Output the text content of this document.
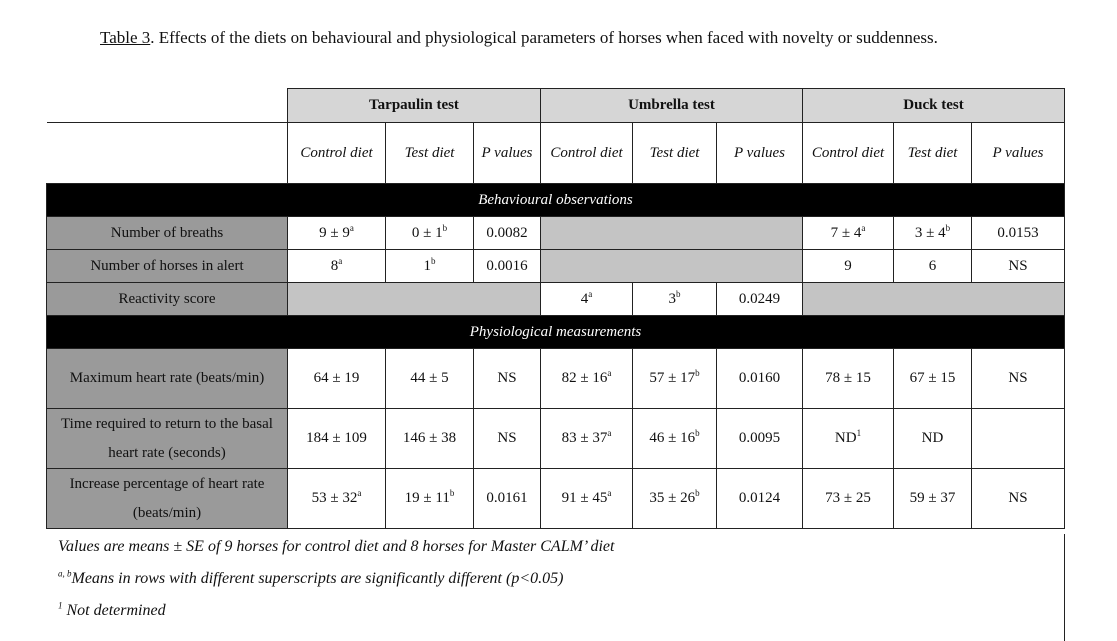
Table 3. Effects of the diets on behavioural and physiological parameters of horses when faced with novelty or suddenness.
	Tarpaulin test			Umbrella test			Duck test		
	Control diet	Test diet	P values	Control diet	Test diet	P values	Control diet	Test diet	P values
Behavioural observations									
Number of breaths	$9 \pm 9^a$	$0 \pm 1^b$	0.0082				$7 \pm 4^a$	$3 \pm 4^b$	0.0153
Number of horses in alert	8$^a$	1$^b$	0.0016				9	6	NS
Reactivity score				4$^a$	3$^b$	0.0249			
Physiological measurements									
Maximum heart rate (beats/min)	64 ± 19	44 ± 5	NS	$82 \pm 16^a$	$57 \pm 17^b$	0.0160	78 ± 15	67 ± 15	NS
Time required to return to the basal heart rate (seconds)	184 ± 109	146 ± 38	NS	$83 \pm 37^a$	$46 \pm 16^b$	0.0095	$ND^1$	ND	
Increase percentage of heart rate (beats/min)	$53 \pm 32^a$	$19 \pm 11^b$	0.0161	$91 \pm 45^a$	$35 \pm 26^b$	0.0124	73 ± 25	59 ± 37	NS
Values are means ± SE of 9 horses for control diet and 8 horses for Master CALM’ diet
$^{a, b}$Means in rows with different superscripts are significantly different (p<0.05)
$^1$ Not determined
